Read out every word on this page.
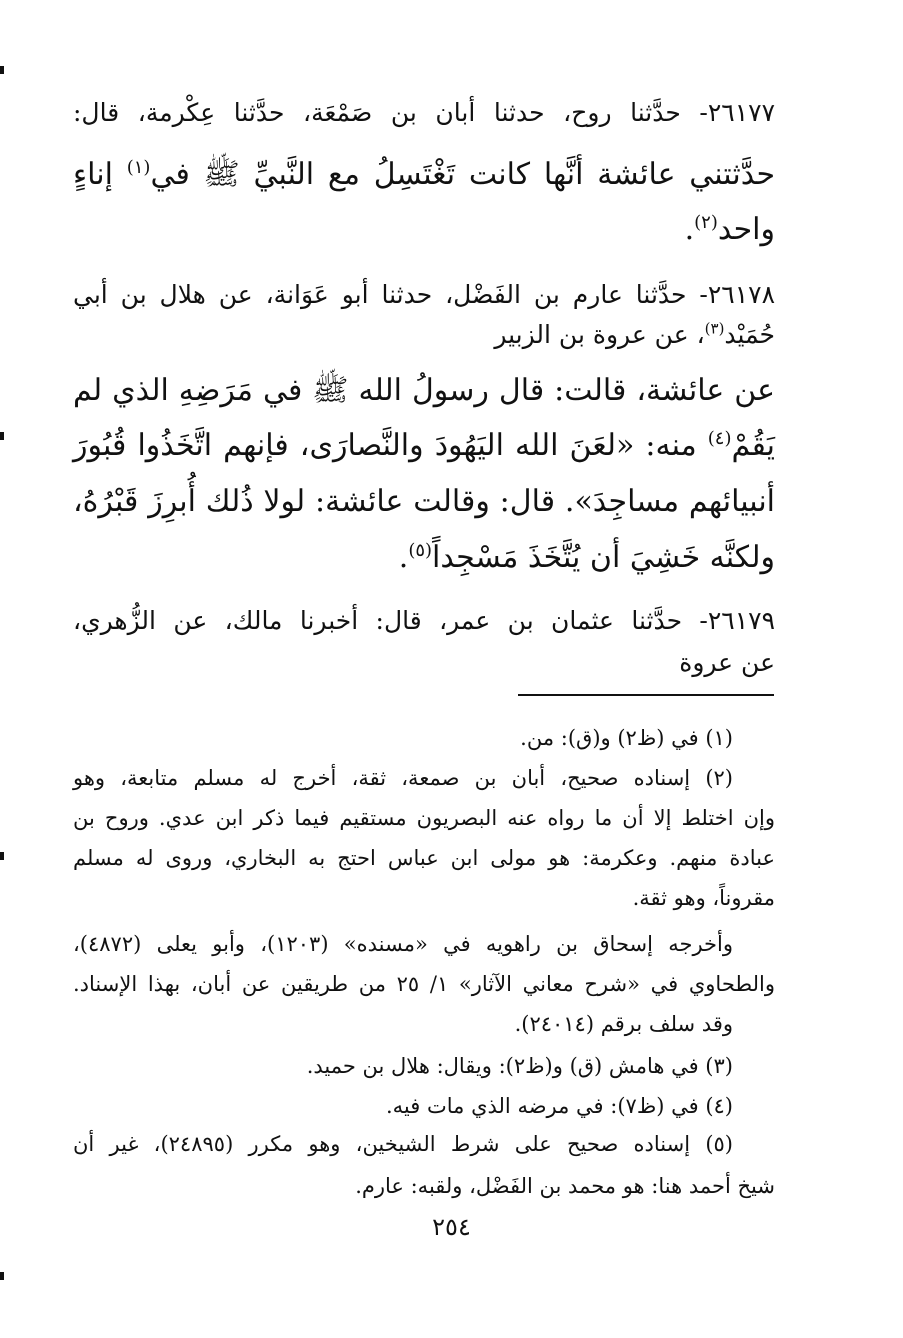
٢٦١٧٧- حدَّثنا روح، حدثنا أبان بن صَمْعَة، حدَّثنا عِكْرمة، قال:
حدَّثتني عائشة أنَّها كانت تَغْتَسِلُ مع النَّبيِّ ﷺ في$^{(١)}$ إناءٍ
واحد$^{(٢)}$.
٢٦١٧٨- حدَّثنا عارم بن الفَضْل، حدثنا أبو عَوَانة، عن هلال بن أبي
حُمَيْد$^{(٣)}$، عن عروة بن الزبير
عن عائشة، قالت: قال رسولُ الله ﷺ في مَرَضِهِ الذي لم
يَقُمْ$^{(٤)}$ منه: «لعَنَ الله اليَهُودَ والنَّصارَى، فإنهم اتَّخَذُوا قُبُورَ
أنبيائهم مساجِدَ». قال: وقالت عائشة: لولا ذُلك أُبرِزَ قَبْرُهُ،
ولكنَّه خَشِيَ أن يُتَّخَذَ مَسْجِداً$^{(٥)}$.
٢٦١٧٩- حدَّثنا عثمان بن عمر، قال: أخبرنا مالك، عن الزُّهري،
عن عروة
(١) في (ظ٢) و(ق): من.
(٢) إسناده صحيح، أبان بن صمعة، ثقة، أخرج له مسلم متابعة، وهو
وإن اختلط إلا أن ما رواه عنه البصريون مستقيم فيما ذكر ابن عدي. وروح بن
عبادة منهم. وعكرمة: هو مولى ابن عباس احتج به البخاري، وروى له مسلم
مقروناً، وهو ثقة.
وأخرجه إسحاق بن راهويه في «مسنده» (١٢٠٣)، وأبو يعلى (٤٨٧٢)،
والطحاوي في «شرح معاني الآثار» ١/ ٢٥ من طريقين عن أبان، بهذا الإسناد.
وقد سلف برقم (٢٤٠١٤).
(٣) في هامش (ق) و(ظ٢): ويقال: هلال بن حميد.
(٤) في (ظ٧): في مرضه الذي مات فيه.
(٥) إسناده صحيح على شرط الشيخين، وهو مكرر (٢٤٨٩٥)، غير أن
شيخ أحمد هنا: هو محمد بن الفَضْل، ولقبه: عارم.
٢٥٤
